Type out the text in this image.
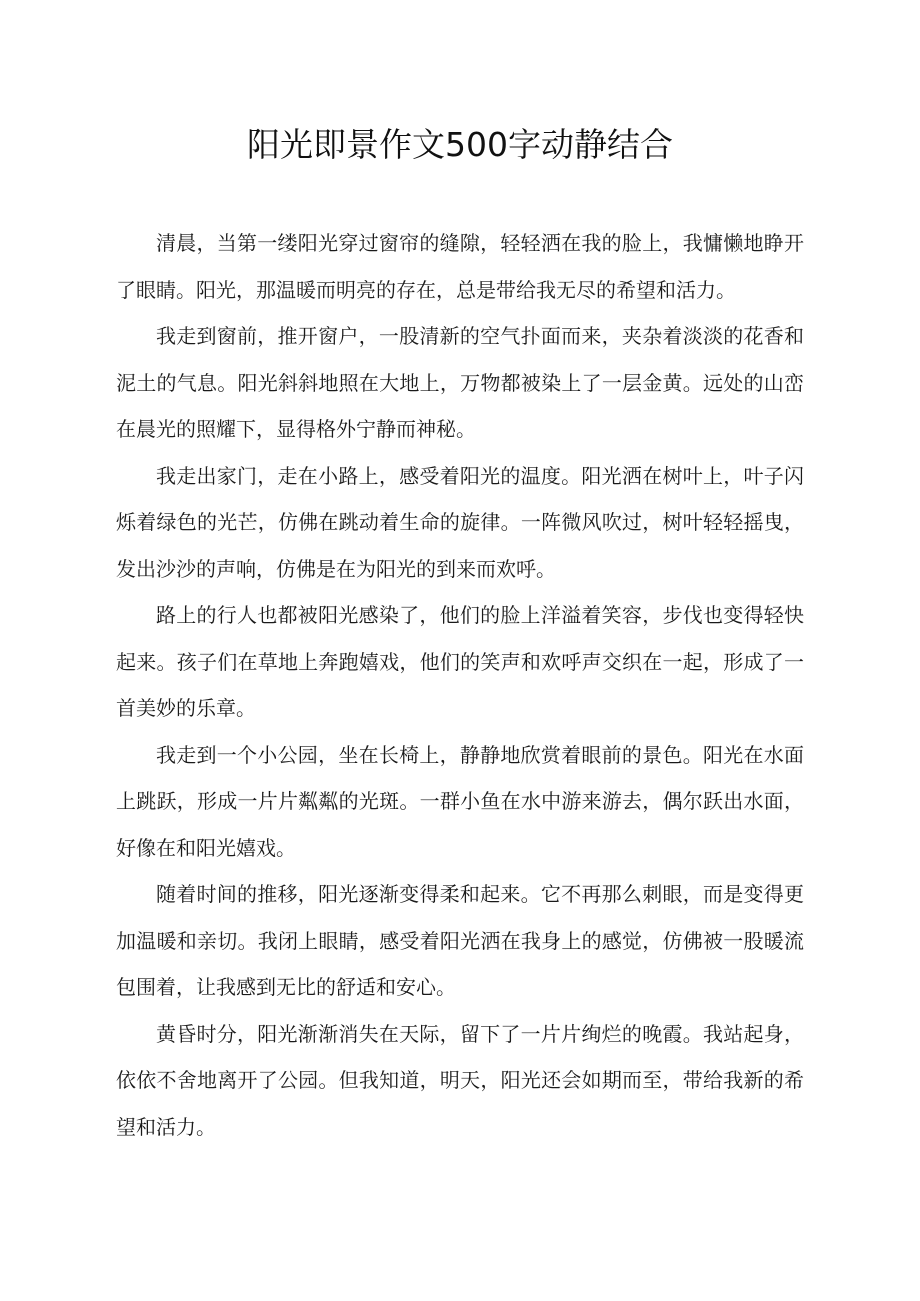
阳光即景作文500字动静结合

清晨，当第一缕阳光穿过窗帘的缝隙，轻轻洒在我的脸上，我慵懒地睁开了眼睛。阳光，那温暖而明亮的存在，总是带给我无尽的希望和活力。

我走到窗前，推开窗户，一股清新的空气扑面而来，夹杂着淡淡的花香和泥土的气息。阳光斜斜地照在大地上，万物都被染上了一层金黄。远处的山峦在晨光的照耀下，显得格外宁静而神秘。

我走出家门，走在小路上，感受着阳光的温度。阳光洒在树叶上，叶子闪烁着绿色的光芒，仿佛在跳动着生命的旋律。一阵微风吹过，树叶轻轻摇曳，发出沙沙的声响，仿佛是在为阳光的到来而欢呼。

路上的行人也都被阳光感染了，他们的脸上洋溢着笑容，步伐也变得轻快起来。孩子们在草地上奔跑嬉戏，他们的笑声和欢呼声交织在一起，形成了一首美妙的乐章。

我走到一个小公园，坐在长椅上，静静地欣赏着眼前的景色。阳光在水面上跳跃，形成一片片粼粼的光斑。一群小鱼在水中游来游去，偶尔跃出水面，好像在和阳光嬉戏。

随着时间的推移，阳光逐渐变得柔和起来。它不再那么刺眼，而是变得更加温暖和亲切。我闭上眼睛，感受着阳光洒在我身上的感觉，仿佛被一股暖流包围着，让我感到无比的舒适和安心。

黄昏时分，阳光渐渐消失在天际，留下了一片片绚烂的晚霞。我站起身，依依不舍地离开了公园。但我知道，明天，阳光还会如期而至，带给我新的希望和活力。
